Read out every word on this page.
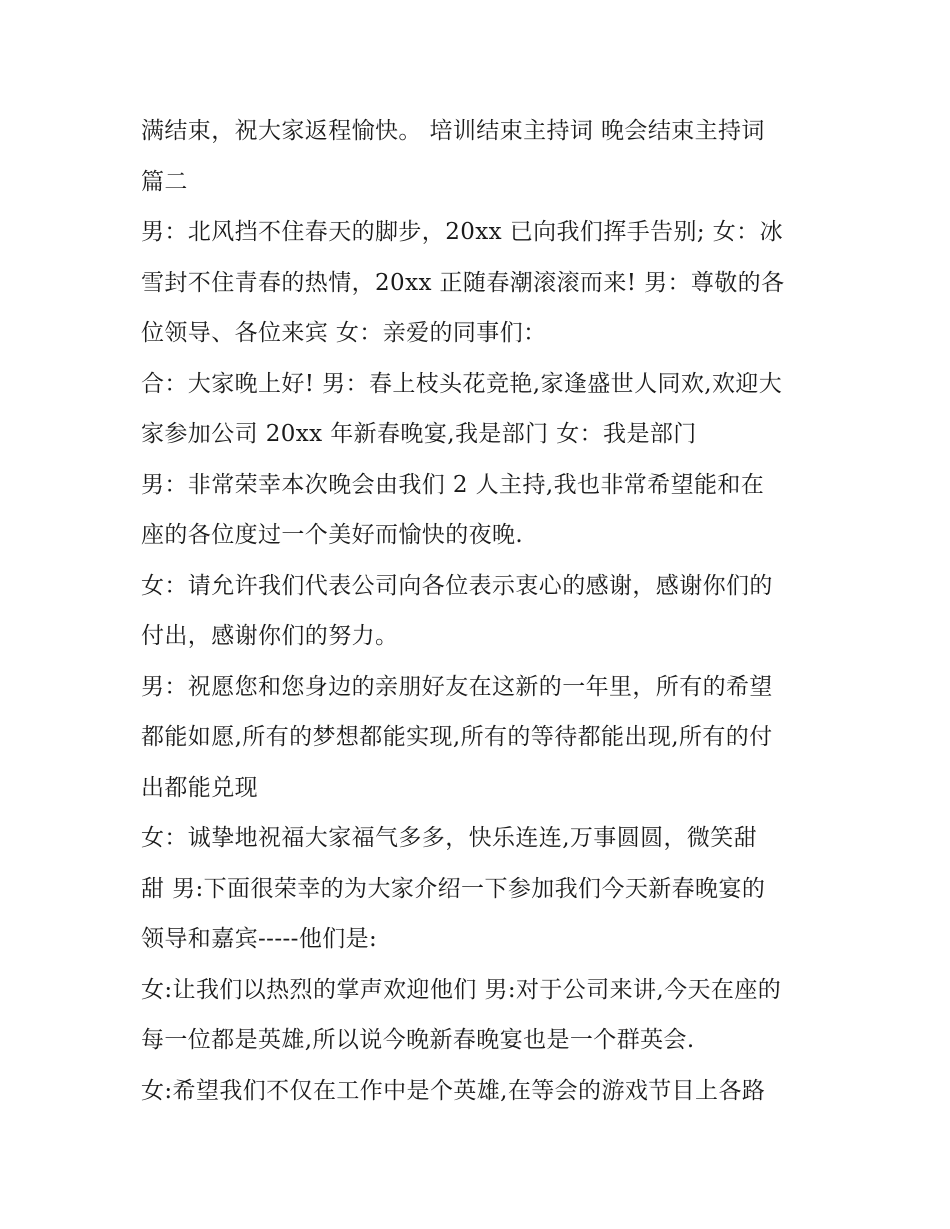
满结束，祝大家返程愉快。 培训结束主持词 晚会结束主持词
篇二
男：北风挡不住春天的脚步，20xx 已向我们挥手告别; 女：冰
雪封不住青春的热情，20xx 正随春潮滚滚而来! 男：尊敬的各
位领导、各位来宾 女：亲爱的同事们：
合：大家晚上好! 男：春上枝头花竞艳,家逢盛世人同欢,欢迎大
家参加公司 20xx 年新春晚宴,我是部门 女：我是部门
男：非常荣幸本次晚会由我们 2 人主持,我也非常希望能和在
座的各位度过一个美好而愉快的夜晚.
女：请允许我们代表公司向各位表示衷心的感谢，感谢你们的
付出，感谢你们的努力。
男：祝愿您和您身边的亲朋好友在这新的一年里，所有的希望
都能如愿,所有的梦想都能实现,所有的等待都能出现,所有的付
出都能兑现
女：诚挚地祝福大家福气多多，快乐连连,万事圆圆，微笑甜
甜 男:下面很荣幸的为大家介绍一下参加我们今天新春晚宴的
领导和嘉宾-----他们是:
女:让我们以热烈的掌声欢迎他们 男:对于公司来讲,今天在座的
每一位都是英雄,所以说今晚新春晚宴也是一个群英会.
女:希望我们不仅在工作中是个英雄,在等会的游戏节目上各路
